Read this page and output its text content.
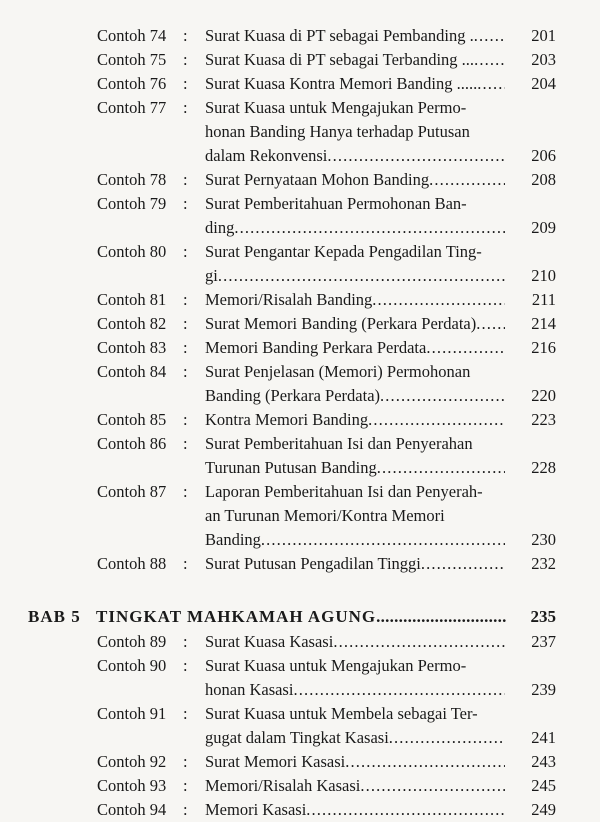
Contoh 74 : Surat Kuasa di PT sebagai Pembanding . . . .	201
Contoh 75 : Surat Kuasa di PT sebagai Terbanding ... . . .	203
Contoh 76 : Surat Kuasa Kontra Memori Banding ..... . . .	204
Contoh 77 : Surat Kuasa untuk Mengajukan Permo-
honan Banding Hanya terhadap Putusan
dalam Rekonvensi . . .	206
Contoh 78 : Surat Pernyataan Mohon Banding . . .	208
Contoh 79 : Surat Pemberitahuan Permohonan Ban-
ding . . .	209
Contoh 80 : Surat Pengantar Kepada Pengadilan Ting-
gi . . .	210
Contoh 81 : Memori/Risalah Banding . . .	211
Contoh 82 : Surat Memori Banding (Perkara Perdata) . . .	214
Contoh 83 : Memori Banding Perkara Perdata . . .	216
Contoh 84 : Surat Penjelasan (Memori) Permohonan
Banding (Perkara Perdata) . . .	220
Contoh 85 : Kontra Memori Banding . . .	223
Contoh 86 : Surat Pemberitahuan Isi dan Penyerahan
Turunan Putusan Banding . . .	228
Contoh 87 : Laporan Pemberitahuan Isi dan Penyerah-
an Turunan Memori/Kontra Memori
Banding . . .	230
Contoh 88 : Surat Putusan Pengadilan Tinggi . . .	232
BAB 5 TINGKAT MAHKAMAH AGUNG . . .	235
Contoh 89 : Surat Kuasa Kasasi . . .	237
Contoh 90 : Surat Kuasa untuk Mengajukan Permo-
honan Kasasi . . .	239
Contoh 91 : Surat Kuasa untuk Membela sebagai Ter-
gugat dalam Tingkat Kasasi . . .	241
Contoh 92 : Surat Memori Kasasi . . .	243
Contoh 93 : Memori/Risalah Kasasi . . .	245
Contoh 94 : Memori Kasasi . . .	249
